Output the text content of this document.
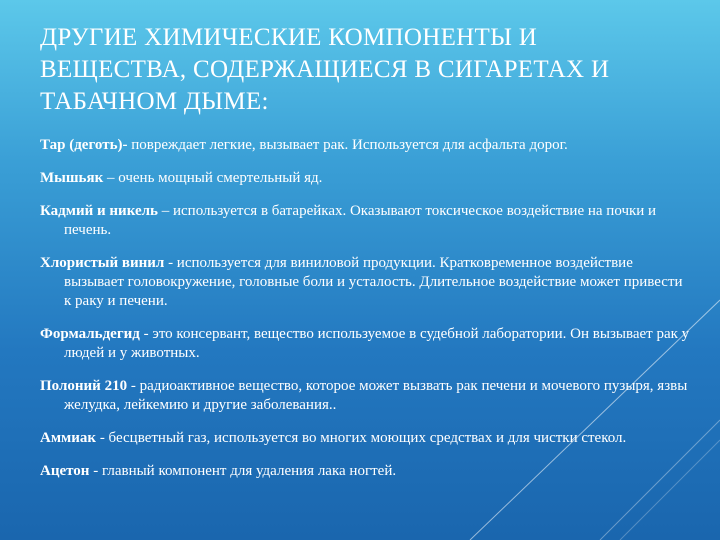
ДРУГИЕ ХИМИЧЕСКИЕ КОМПОНЕНТЫ И ВЕЩЕСТВА, СОДЕРЖАЩИЕСЯ В СИГАРЕТАХ И ТАБАЧНОМ ДЫМЕ:
Тар (деготь)- повреждает легкие, вызывает рак. Используется для асфальта дорог.
Мышьяк – очень мощный смертельный яд.
Кадмий и никель – используется в батарейках. Оказывают токсическое воздействие на почки и печень.
Хлористый винил - используется для виниловой продукции. Кратковременное воздействие вызывает головокружение, головные боли и усталость. Длительное воздействие может привести к раку и печени.
Формальдегид - это консервант, вещество используемое в судебной лаборатории. Он вызывает рак у людей и у животных.
Полоний 210 - радиоактивное вещество, которое может вызвать рак печени и мочевого пузыря, язвы желудка, лейкемию и другие заболевания..
Аммиак - бесцветный газ, используется во многих моющих средствах и для чистки стекол.
Ацетон - главный компонент для удаления лака ногтей.
